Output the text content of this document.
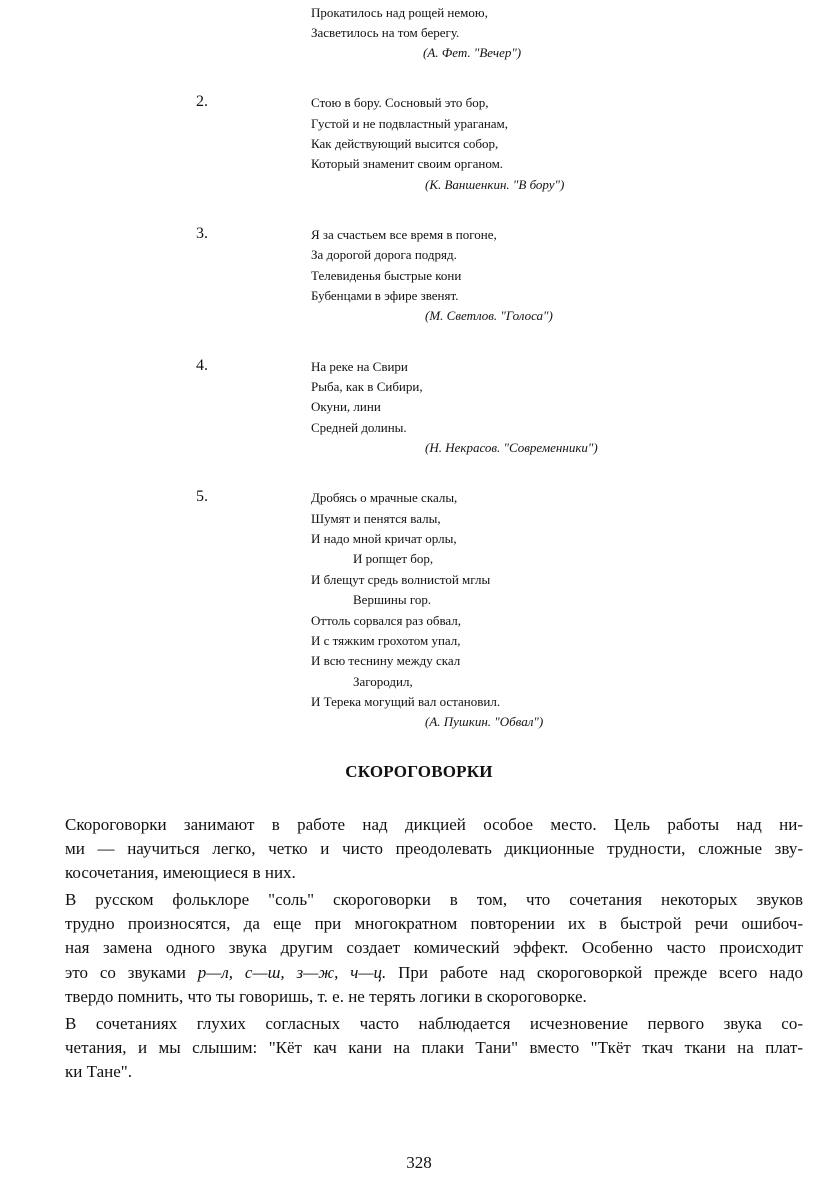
Прокатилось над рощей немою,
Засветилось на том берегу.
(А. Фет. "Вечер")
2.	Стою в бору. Сосновый это бор,
Густой и не подвластный ураганам,
Как действующий высится собор,
Который знаменит своим органом.
(К. Ваншенкин. "В бору")
3.	Я за счастьем все время в погоне,
За дорогой дорога подряд.
Телевиденья быстрые кони
Бубенцами в эфире звенят.
(М. Светлов. "Голоса")
4.	На реке на Свири
Рыба, как в Сибири,
Окуни, лини
Средней долины.
(Н. Некрасов. "Современники")
5.	Дробясь о мрачные скалы,
Шумят и пенятся валы,
И надо мной кричат орлы,
И ропщет бор,
И блещут средь волнистой мглы
Вершины гор.
Оттоль сорвался раз обвал,
И с тяжким грохотом упал,
И всю теснину между скал
Загородил,
И Терека могущий вал остановил.
(А. Пушкин. "Обвал")
СКОРОГОВОРКИ
Скороговорки занимают в работе над дикцией особое место. Цель работы над ни-
ми — научиться легко, четко и чисто преодолевать дикционные трудности, сложные зву-
косочетания, имеющиеся в них.
В русском фольклоре "соль" скороговорки в том, что сочетания некоторых звуков
трудно произносятся, да еще при многократном повторении их в быстрой речи ошибоч-
ная замена одного звука другим создает комический эффект. Особенно часто происходит
это со звуками р—л, с—ш, з—ж, ч—ц. При работе над скороговоркой прежде всего надо
твердо помнить, что ты говоришь, т. е. не терять логики в скороговорке.
В сочетаниях глухих согласных часто наблюдается исчезновение первого звука со-
четания, и мы слышим: "Кёт кач кани на плаки Тани" вместо "Ткёт ткач ткани на плат-
ки Тане".
328
